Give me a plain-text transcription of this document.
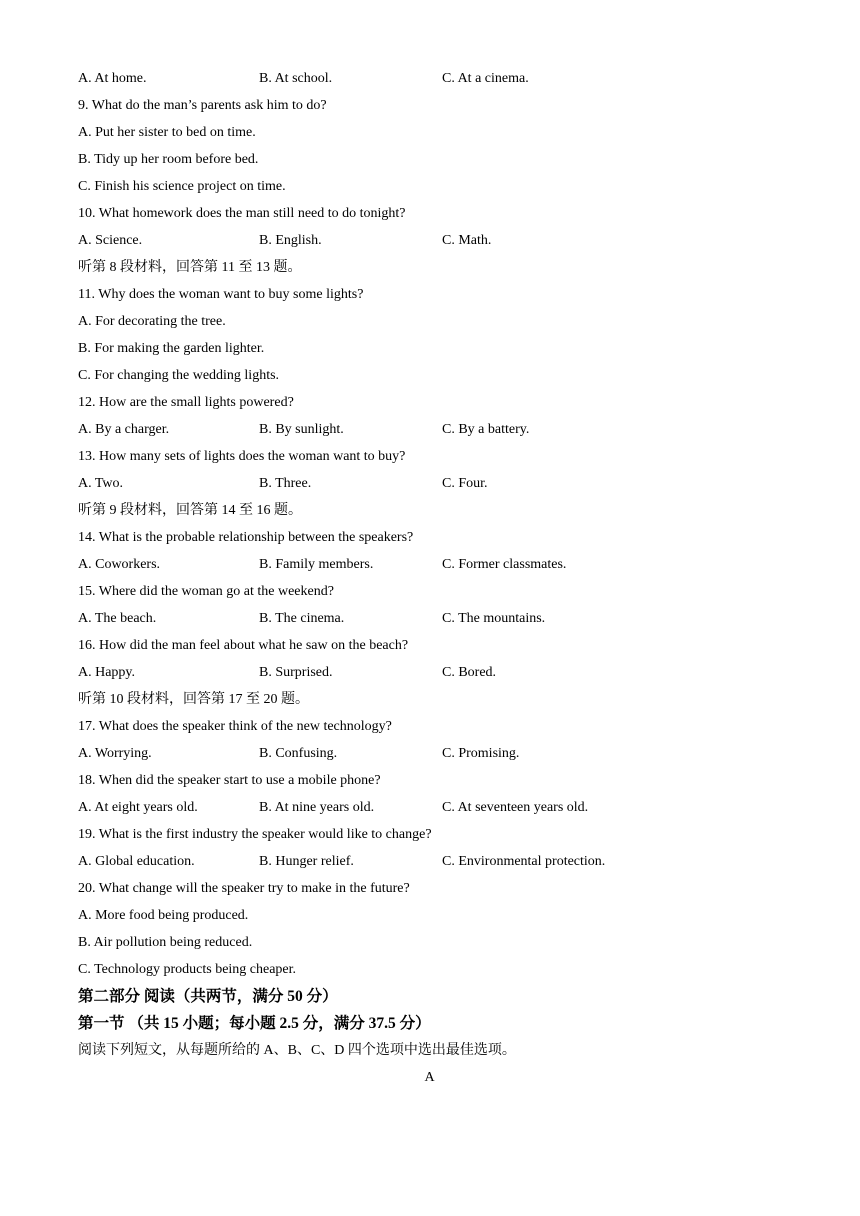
A. At home.	B. At school.	C. At a cinema.
9. What do the man’s parents ask him to do?
A. Put her sister to bed on time.
B. Tidy up her room before bed.
C. Finish his science project on time.
10. What homework does the man still need to do tonight?
A. Science.	B. English.	C. Math.
听第 8 段材料，回答第 11 至 13 题。
11. Why does the woman want to buy some lights?
A. For decorating the tree.
B. For making the garden lighter.
C. For changing the wedding lights.
12. How are the small lights powered?
A. By a charger.	B. By sunlight.	C. By a battery.
13. How many sets of lights does the woman want to buy?
A. Two.	B. Three.	C. Four.
听第 9 段材料，回答第 14 至 16 题。
14. What is the probable relationship between the speakers?
A. Coworkers.	B. Family members.	C. Former classmates.
15. Where did the woman go at the weekend?
A. The beach.	B. The cinema.	C. The mountains.
16. How did the man feel about what he saw on the beach?
A. Happy.	B. Surprised.	C. Bored.
听第 10 段材料，回答第 17 至 20 题。
17. What does the speaker think of the new technology?
A. Worrying.	B. Confusing.	C. Promising.
18. When did the speaker start to use a mobile phone?
A. At eight years old.	B. At nine years old.	C. At seventeen years old.
19. What is the first industry the speaker would like to change?
A. Global education.	B. Hunger relief.	C. Environmental protection.
20. What change will the speaker try to make in the future?
A. More food being produced.
B. Air pollution being reduced.
C. Technology products being cheaper.
第二部分 阅读（共两节，满分 50 分）
第一节 （共 15 小题；每小题 2.5 分，满分 37.5 分）
阅读下列短文，从每题所给的 A、B、C、D 四个选项中选出最佳选项。
A
